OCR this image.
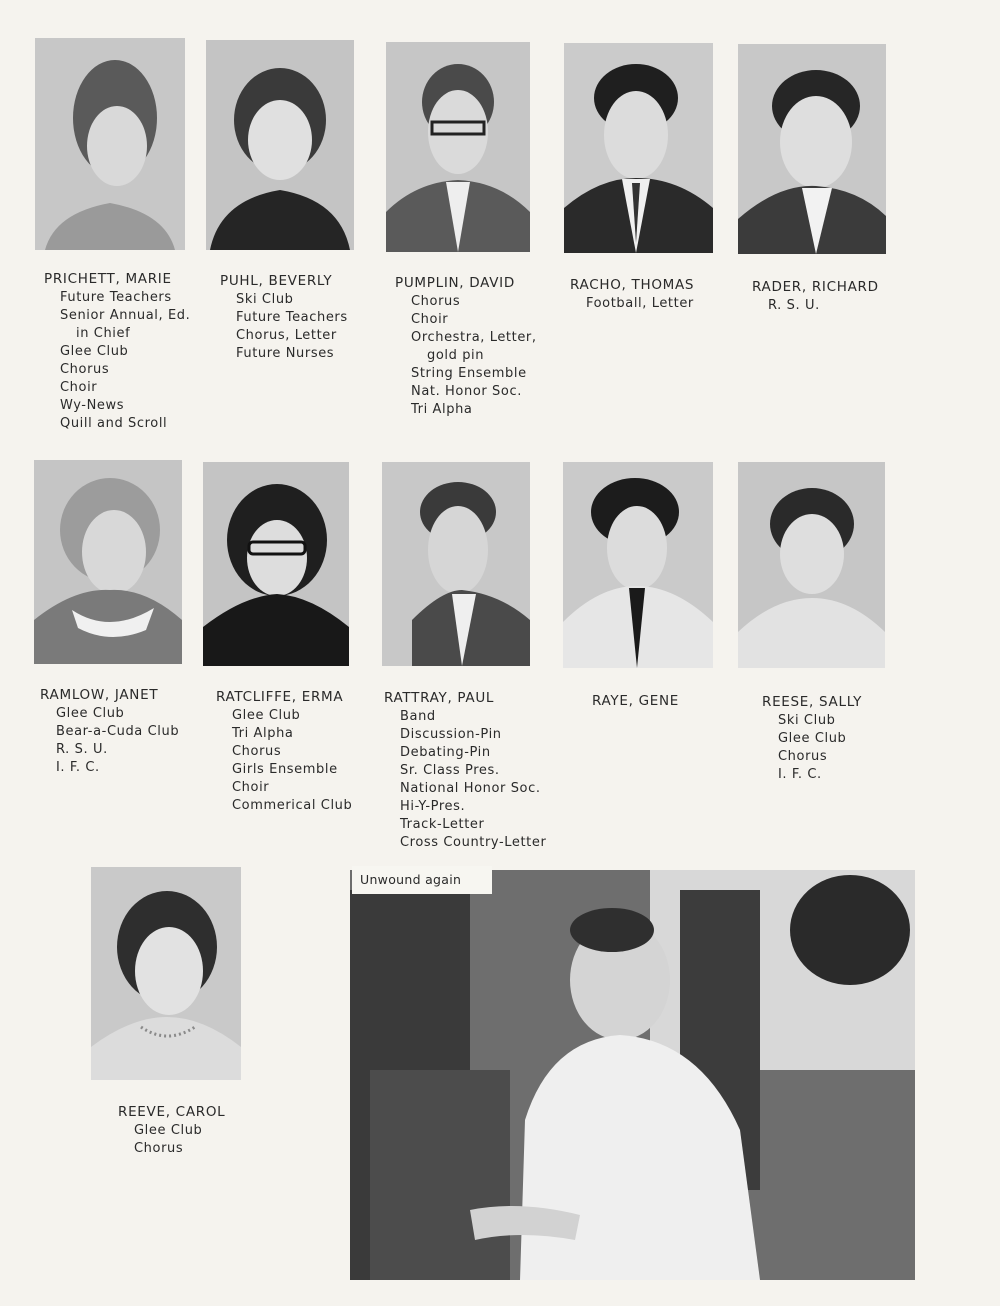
PRICHETT, MARIE
Future Teachers
Senior Annual, Ed.
in Chief
Glee Club
Chorus
Choir
Wy-News
Quill and Scroll
PUHL, BEVERLY
Ski Club
Future Teachers
Chorus, Letter
Future Nurses
PUMPLIN, DAVID
Chorus
Choir
Orchestra, Letter,
gold pin
String Ensemble
Nat. Honor Soc.
Tri Alpha
RACHO, THOMAS
Football, Letter
RADER, RICHARD
R. S. U.
RAMLOW, JANET
Glee Club
Bear-a-Cuda Club
R. S. U.
I. F. C.
RATCLIFFE, ERMA
Glee Club
Tri Alpha
Chorus
Girls Ensemble
Choir
Commerical Club
RATTRAY, PAUL
Band
Discussion-Pin
Debating-Pin
Sr. Class Pres.
National Honor Soc.
Hi-Y-Pres.
Track-Letter
Cross Country-Letter
RAYE, GENE	REESE, SALLY
Ski Club
Glee Club
Chorus
I. F. C.
REEVE, CAROL
Glee Club
Chorus
Unwound again
